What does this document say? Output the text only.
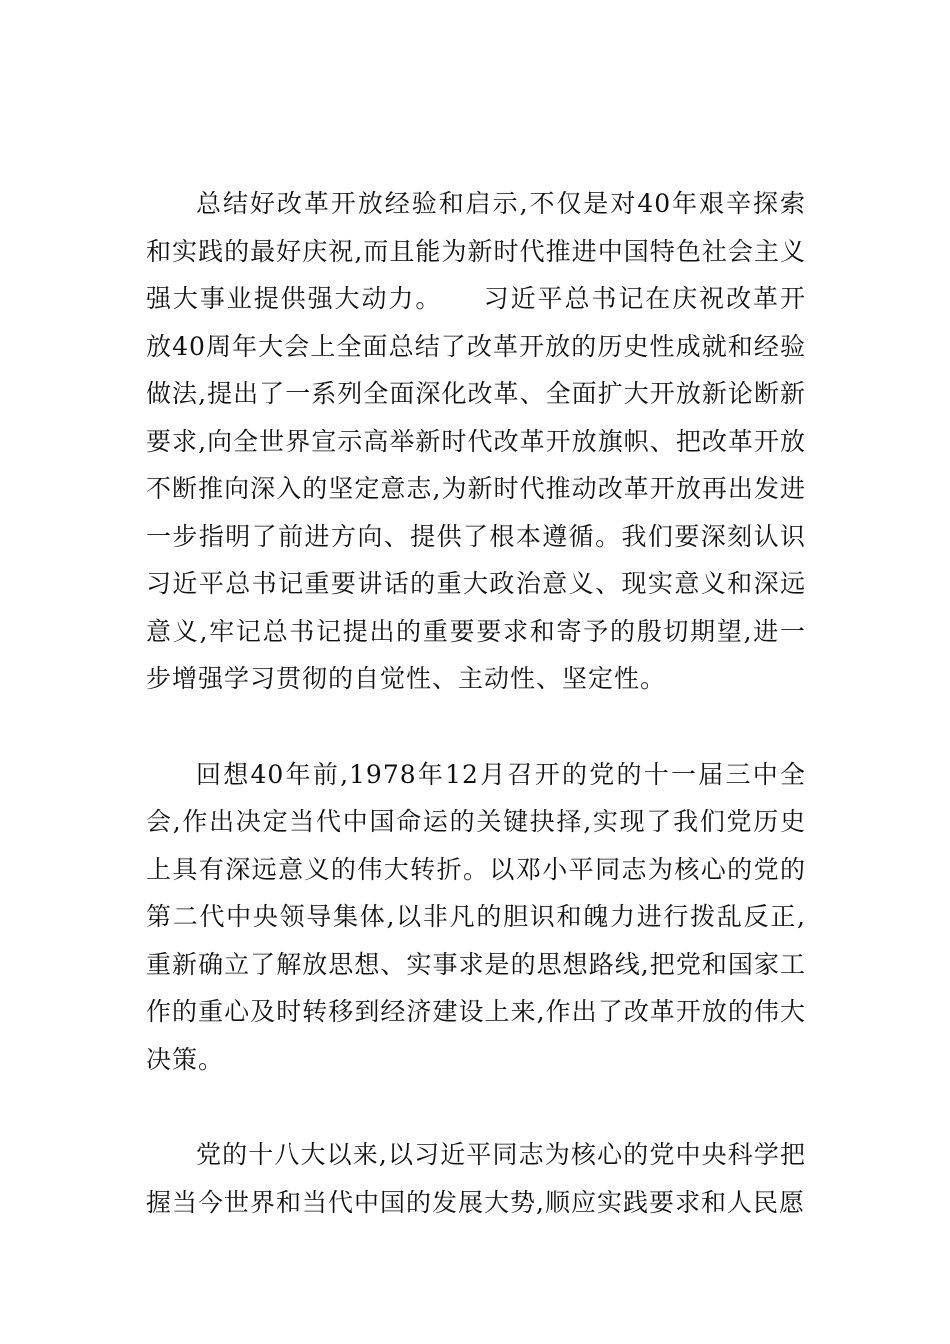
总结好改革开放经验和启示,不仅是对40年艰辛探索和实践的最好庆祝,而且能为新时代推进中国特色社会主义强大事业提供强大动力。　　习近平总书记在庆祝改革开放40周年大会上全面总结了改革开放的历史性成就和经验做法,提出了一系列全面深化改革、全面扩大开放新论断新要求,向全世界宣示高举新时代改革开放旗帜、把改革开放不断推向深入的坚定意志,为新时代推动改革开放再出发进一步指明了前进方向、提供了根本遵循。我们要深刻认识习近平总书记重要讲话的重大政治意义、现实意义和深远意义,牢记总书记提出的重要要求和寄予的殷切期望,进一步增强学习贯彻的自觉性、主动性、坚定性。

回想40年前,1978年12月召开的党的十一届三中全会,作出决定当代中国命运的关键抉择,实现了我们党历史上具有深远意义的伟大转折。以邓小平同志为核心的党的第二代中央领导集体,以非凡的胆识和魄力进行拨乱反正,重新确立了解放思想、实事求是的思想路线,把党和国家工作的重心及时转移到经济建设上来,作出了改革开放的伟大决策。

党的十八大以来,以习近平同志为核心的党中央科学把握当今世界和当代中国的发展大势,顺应实践要求和人民愿
